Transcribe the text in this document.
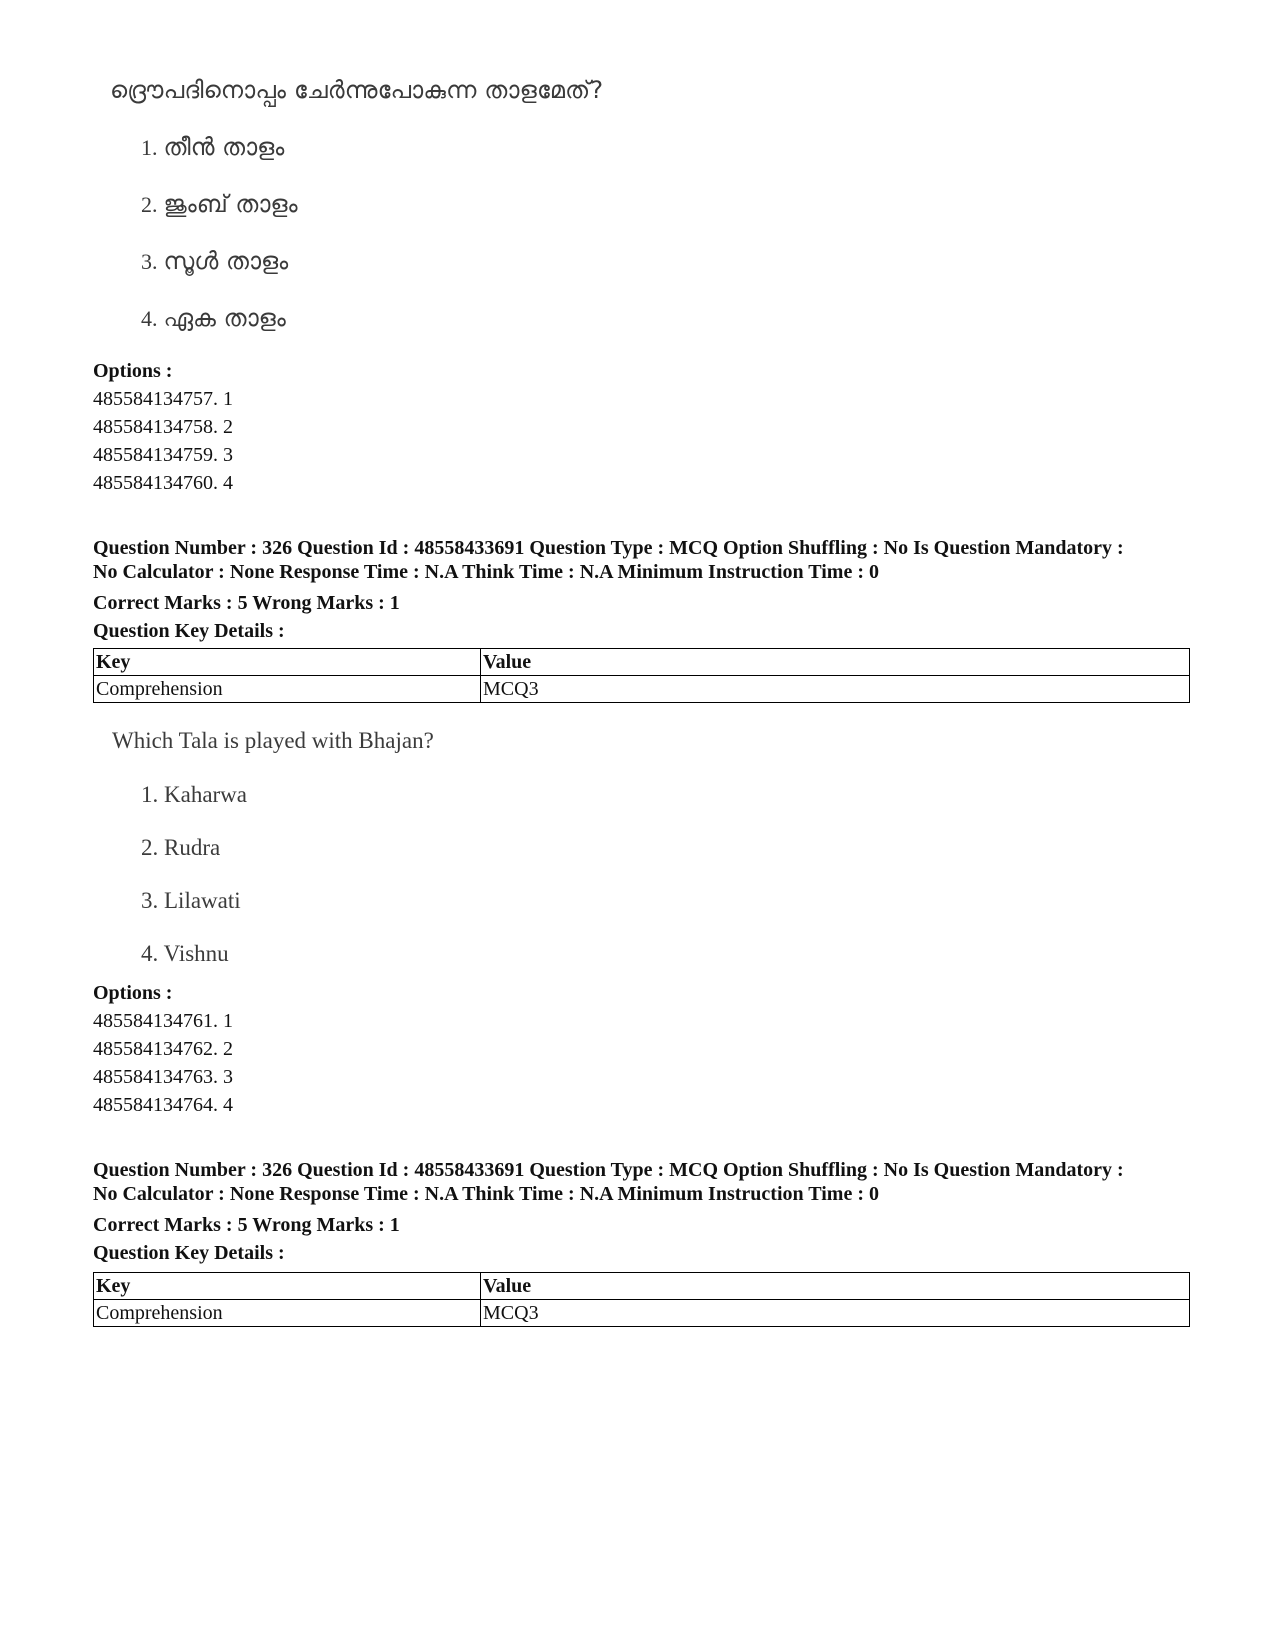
ദ്രൌപദിനൊപ്പം ചേർന്നുപോകുന്ന താളമേത്?
1. തീൻ താളം
2. ജുംബ് താളം
3. സൂൾ താളം
4. ഏക താളം
Options :
485584134757. 1
485584134758. 2
485584134759. 3
485584134760. 4
Question Number : 326 Question Id : 48558433691 Question Type : MCQ Option Shuffling : No Is Question Mandatory :
No Calculator : None Response Time : N.A Think Time : N.A Minimum Instruction Time : 0
Correct Marks : 5 Wrong Marks : 1
Question Key Details :
Key	Value
Comprehension	MCQ3
Which Tala is played with Bhajan?
1. Kaharwa
2. Rudra
3. Lilawati
4. Vishnu
Options :
485584134761. 1
485584134762. 2
485584134763. 3
485584134764. 4
Question Number : 326 Question Id : 48558433691 Question Type : MCQ Option Shuffling : No Is Question Mandatory :
No Calculator : None Response Time : N.A Think Time : N.A Minimum Instruction Time : 0
Correct Marks : 5 Wrong Marks : 1
Question Key Details :
Key	Value
Comprehension	MCQ3
